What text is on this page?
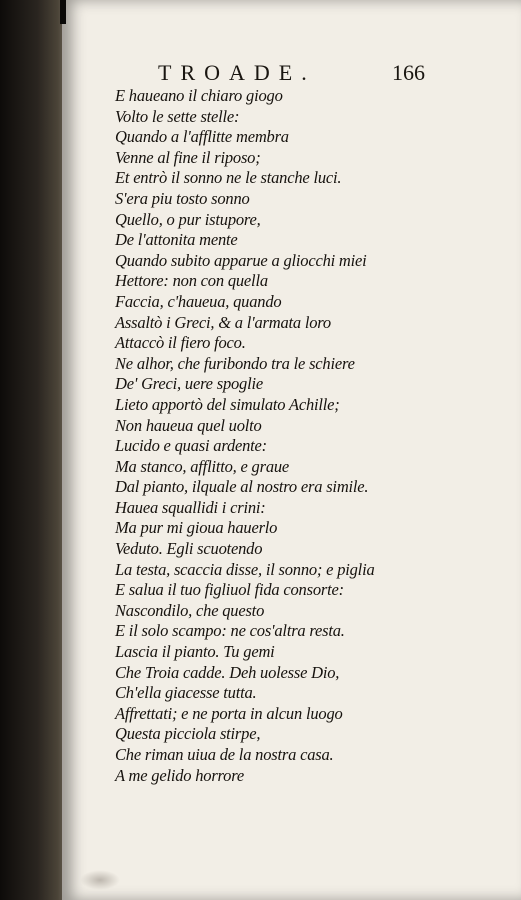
TROADE.	166
E haueano il chiaro giogo
Volto le sette stelle:
Quando a l'afflitte membra
Venne al fine il riposo;
Et entrò il sonno ne le stanche luci.
S'era piu tosto sonno
Quello, o pur istupore,
De l'attonita mente
Quando subito apparue a gliocchi miei
Hettore: non con quella
Faccia, c'haueua, quando
Assaltò i Greci, & a l'armata loro
Attaccò il fiero foco.
Ne alhor, che furibondo tra le schiere
De' Greci, uere spoglie
Lieto apportò del simulato Achille;
Non haueua quel uolto
Lucido e quasi ardente:
Ma stanco, afflitto, e graue
Dal pianto, ilquale al nostro era simile.
Hauea squallidi i crini:
Ma pur mi gioua hauerlo
Veduto. Egli scuotendo
La testa, scaccia disse, il sonno; e piglia
E salua il tuo figliuol fida consorte:
Nascondilo, che questo
E il solo scampo: ne cos'altra resta.
Lascia il pianto. Tu gemi
Che Troia cadde. Deh uolesse Dio,
Ch'ella giacesse tutta.
Affrettati; e ne porta in alcun luogo
Questa picciola stirpe,
Che riman uiua de la nostra casa.
A me gelido horrore
